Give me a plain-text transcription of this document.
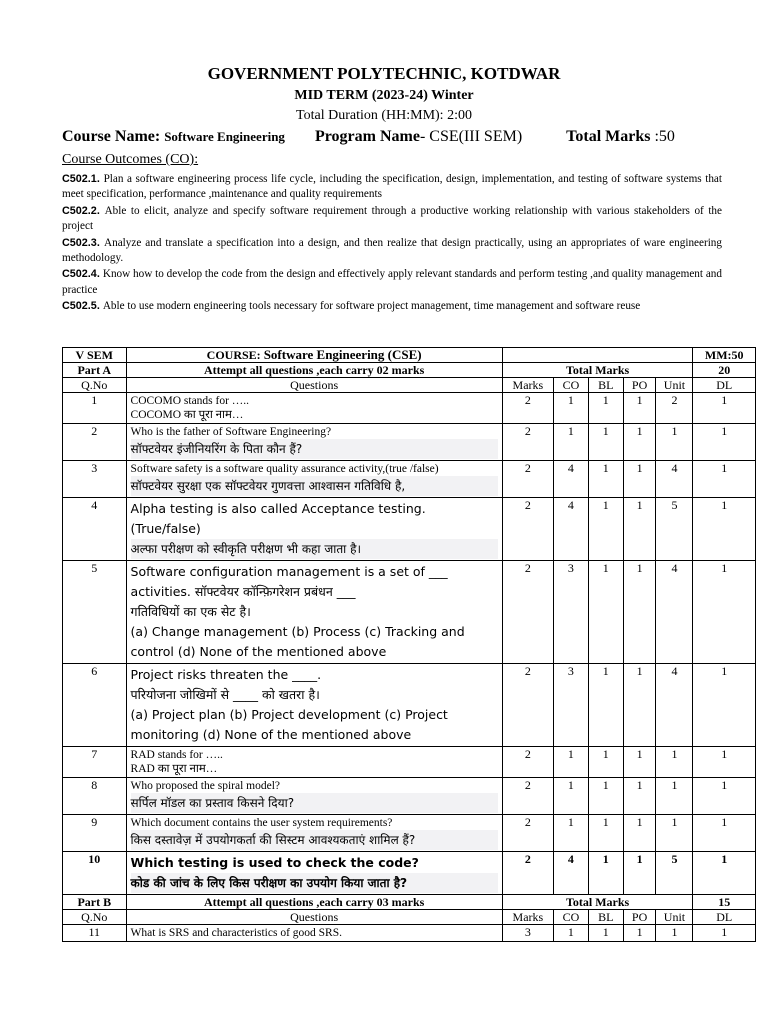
GOVERNMENT POLYTECHNIC, KOTDWAR
MID TERM (2023-24) Winter
Total Duration (HH:MM): 2:00
Course Name: Software Engineering Program Name- CSE(III SEM)	Total Marks :50
Course Outcomes (CO):
C502.1. Plan a software engineering process life cycle, including the specification, design, implementation, and testing of software systems that meet specification, performance ,maintenance and quality requirements
C502.2. Able to elicit, analyze and specify software requirement through a productive working relationship with various stakeholders of the project
C502.3. Analyze and translate a specification into a design, and then realize that design practically, using an appropriates of ware engineering methodology.
C502.4. Know how to develop the code from the design and effectively apply relevant standards and perform testing ,and quality management and practice
C502.5. Able to use modern engineering tools necessary for software project management, time management and software reuse
V SEM	COURSE: Software Engineering (CSE)						MM:50
Part A	Attempt all questions ,each carry 02 marks	Total Marks					20
Q.No	Questions	Marks	CO	BL	PO	Unit	DL
1	COCOMO stands for …..
COCOMO का पूरा नाम…	2	1	1	1	2	1
2	Who is the father of Software Engineering?
सॉफ्टवेयर इंजीनियरिंग के पिता कौन हैं?	2	1	1	1	1	1
3	Software safety is a software quality assurance activity,(true /false)
सॉफ्टवेयर सुरक्षा एक सॉफ्टवेयर गुणवत्ता आश्वासन गतिविधि है,	2	4	1	1	4	1
4	Alpha testing is also called Acceptance testing.
(True/false)
अल्फा परीक्षण को स्वीकृति परीक्षण भी कहा जाता है।	2	4	1	1	5	1
5	Software configuration management is a set of ___
activities. सॉफ्टवेयर कॉन्फ़िगरेशन प्रबंधन ___
गतिविधियों का एक सेट है।
(a) Change management (b) Process (c) Tracking and
control (d) None of the mentioned above	2	3	1	1	4	1
6	Project risks threaten the ____.
परियोजना जोखिमों से ____ को खतरा है।
(a) Project plan (b) Project development (c) Project
monitoring (d) None of the mentioned above	2	3	1	1	4	1
7	RAD stands for …..
RAD का पूरा नाम…	2	1	1	1	1	1
8	Who proposed the spiral model?
सर्पिल मॉडल का प्रस्ताव किसने दिया?	2	1	1	1	1	1
9	Which document contains the user system requirements?
किस दस्तावेज़ में उपयोगकर्ता की सिस्टम आवश्यकताएं शामिल हैं?	2	1	1	1	1	1
10	Which testing is used to check the code?
कोड की जांच के लिए किस परीक्षण का उपयोग किया जाता है?	2	4	1	1	5	1
Part B	Attempt all questions ,each carry 03 marks	Total Marks					15
Q.No	Questions	Marks	CO	BL	PO	Unit	DL
11	What is SRS and characteristics of good SRS.	3	1	1	1	1	1
